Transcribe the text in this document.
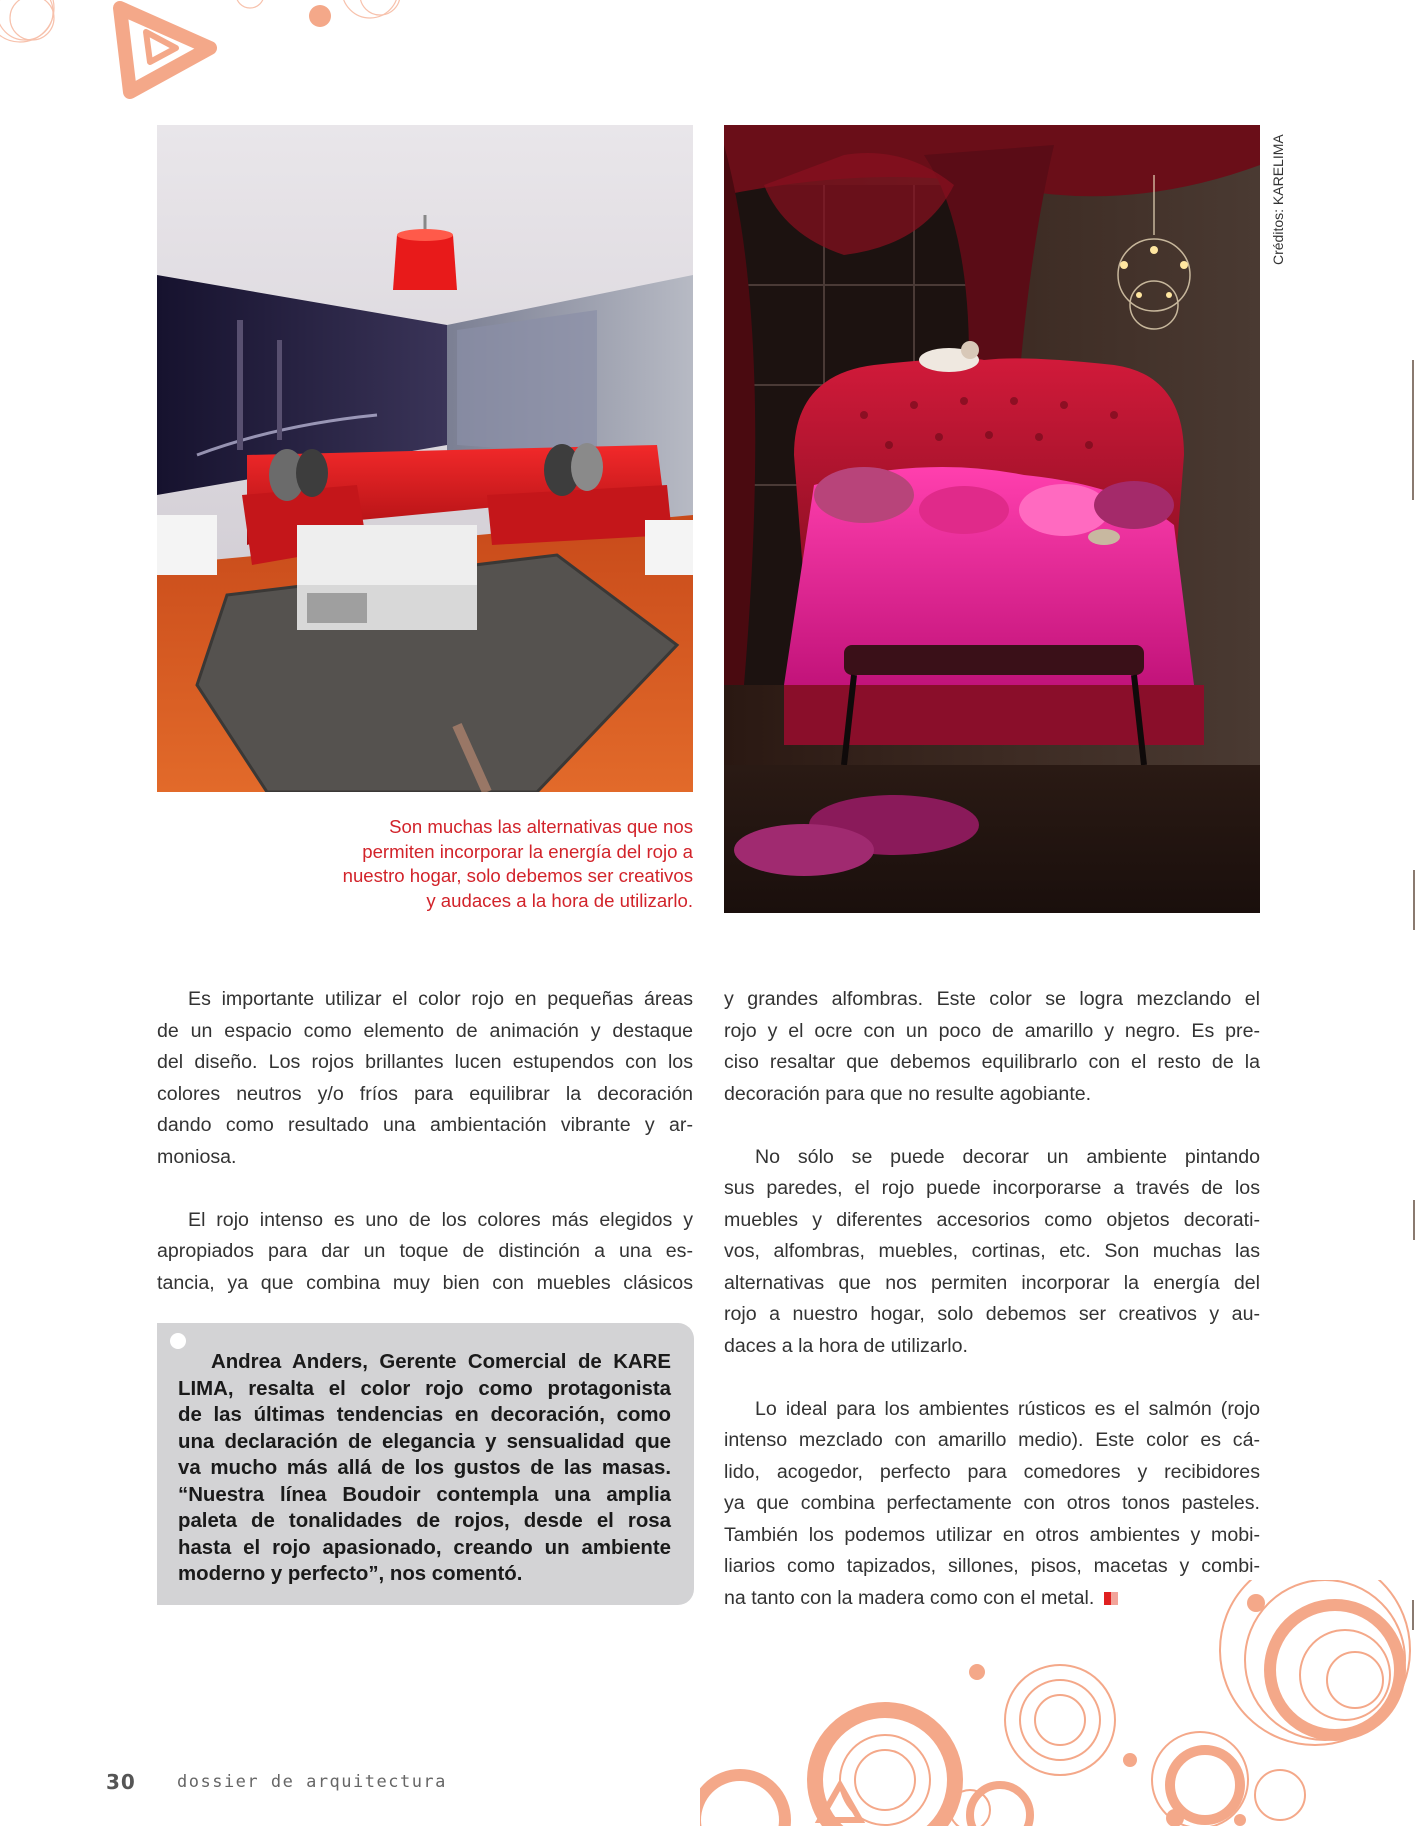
Créditos: KARELIMA
Son muchas las alternativas que nos
permiten incorporar la energía del rojo a
nuestro hogar, solo debemos ser creativos
y audaces a la hora de utilizarlo.

Es importante utilizar el color rojo en pequeñas áreas
de un espacio como elemento de animación y destaque
del diseño. Los rojos brillantes lucen estupendos con los
colores neutros y/o fríos para equilibrar la decoración
dando como resultado una ambientación vibrante y ar-
moniosa.

El rojo intenso es uno de los colores más elegidos y
apropiados para dar un toque de distinción a una es-
tancia, ya que combina muy bien con muebles clásicos

Andrea Anders, Gerente Comercial de KARE
LIMA, resalta el color rojo como protagonista
de las últimas tendencias en decoración, como
una declaración de elegancia y sensualidad que
va mucho más allá de los gustos de las masas.
“Nuestra línea Boudoir contempla una amplia
paleta de tonalidades de rojos, desde el rosa
hasta el rojo apasionado, creando un ambiente
moderno y perfecto”, nos comentó.

y grandes alfombras. Este color se logra mezclando el
rojo y el ocre con un poco de amarillo y negro. Es pre-
ciso resaltar que debemos equilibrarlo con el resto de la
decoración para que no resulte agobiante.

No sólo se puede decorar un ambiente pintando
sus paredes, el rojo puede incorporarse a través de los
muebles y diferentes accesorios como objetos decorati-
vos, alfombras, muebles, cortinas, etc. Son muchas las
alternativas que nos permiten incorporar la energía del
rojo a nuestro hogar, solo debemos ser creativos y au-
daces a la hora de utilizarlo.

Lo ideal para los ambientes rústicos es el salmón (rojo
intenso mezclado con amarillo medio). Este color es cá-
lido, acogedor, perfecto para comedores y recibidores
ya que combina perfectamente con otros tonos pasteles.
También los podemos utilizar en otros ambientes y mobi-
liarios como tapizados, sillones, pisos, macetas y combi-
na tanto con la madera como con el metal.

30 dossier de arquitectura
